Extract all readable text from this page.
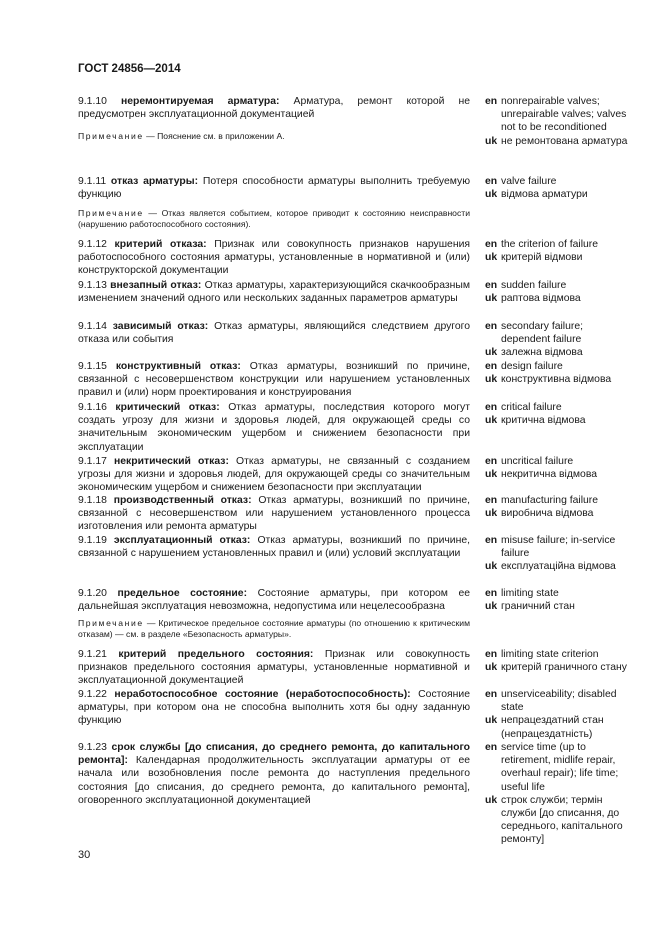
ГОСТ 24856—2014
9.1.10 неремонтируемая арматура: Арматура, ремонт которой не предусмотрен эксплуатационной документацией
Примечание — Пояснение см. в приложении А.
en nonrepairable valves; unrepairable valves; valves not to be reconditioned
uk не ремонтована арматура
9.1.11 отказ арматуры: Потеря способности арматуры выполнить требуемую функцию
Примечание — Отказ является событием, которое приводит к состоянию неисправности (нарушению работоспособного состояния).
en valve failure
uk відмова арматури
9.1.12 критерий отказа: Признак или совокупность признаков нарушения работоспособного состояния арматуры, установленные в нормативной и (или) конструкторской документации
en the criterion of failure
uk критерій відмови
9.1.13 внезапный отказ: Отказ арматуры, характеризующийся скачкообразным изменением значений одного или нескольких заданных параметров арматуры
en sudden failure
uk раптова відмова
9.1.14 зависимый отказ: Отказ арматуры, являющийся следствием другого отказа или события
en secondary failure; dependent failure
uk залежна відмова
9.1.15 конструктивный отказ: Отказ арматуры, возникший по причине, связанной с несовершенством конструкции или нарушением установленных правил и (или) норм проектирования и конструирования
en design failure
uk конструктивна відмова
9.1.16 критический отказ: Отказ арматуры, последствия которого могут создать угрозу для жизни и здоровья людей, для окружающей среды со значительным экономическим ущербом и снижением безопасности при эксплуатации
en critical failure
uk критична відмова
9.1.17 некритический отказ: Отказ арматуры, не связанный с созданием угрозы для жизни и здоровья людей, для окружающей среды со значительным экономическим ущербом и снижением безопасности при эксплуатации
en uncritical failure
uk некритична відмова
9.1.18 производственный отказ: Отказ арматуры, возникший по причине, связанной с несовершенством или нарушением установленного процесса изготовления или ремонта арматуры
en manufacturing failure
uk виробнича відмова
9.1.19 эксплуатационный отказ: Отказ арматуры, возникший по причине, связанной с нарушением установленных правил и (или) условий эксплуатации
en misuse failure; in-service failure
uk експлуатаційна відмова
9.1.20 предельное состояние: Состояние арматуры, при котором ее дальнейшая эксплуатация невозможна, недопустима или нецелесообразна
Примечание — Критическое предельное состояние арматуры (по отношению к критическим отказам) — см. в разделе «Безопасность арматуры».
en limiting state
uk граничний стан
9.1.21 критерий предельного состояния: Признак или совокупность признаков предельного состояния арматуры, установленные нормативной и эксплуатационной документацией
en limiting state criterion
uk критерій граничного стану
9.1.22 неработоспособное состояние (неработоспособность): Состояние арматуры, при котором она не способна выполнить хотя бы одну заданную функцию
en unserviceability; disabled state
uk непрацездатний стан (непрацездатність)
9.1.23 срок службы [до списания, до среднего ремонта, до капитального ремонта]: Календарная продолжительность эксплуатации арматуры от ее начала или возобновления после ремонта до наступления предельного состояния [до списания, до среднего ремонта, до капитального ремонта], оговоренного эксплуатационной документацией
en service time (up to retirement, midlife repair, overhaul repair); life time; useful life
uk строк служби; термін служби [до списання, до середнього, капітального ремонту]
30
